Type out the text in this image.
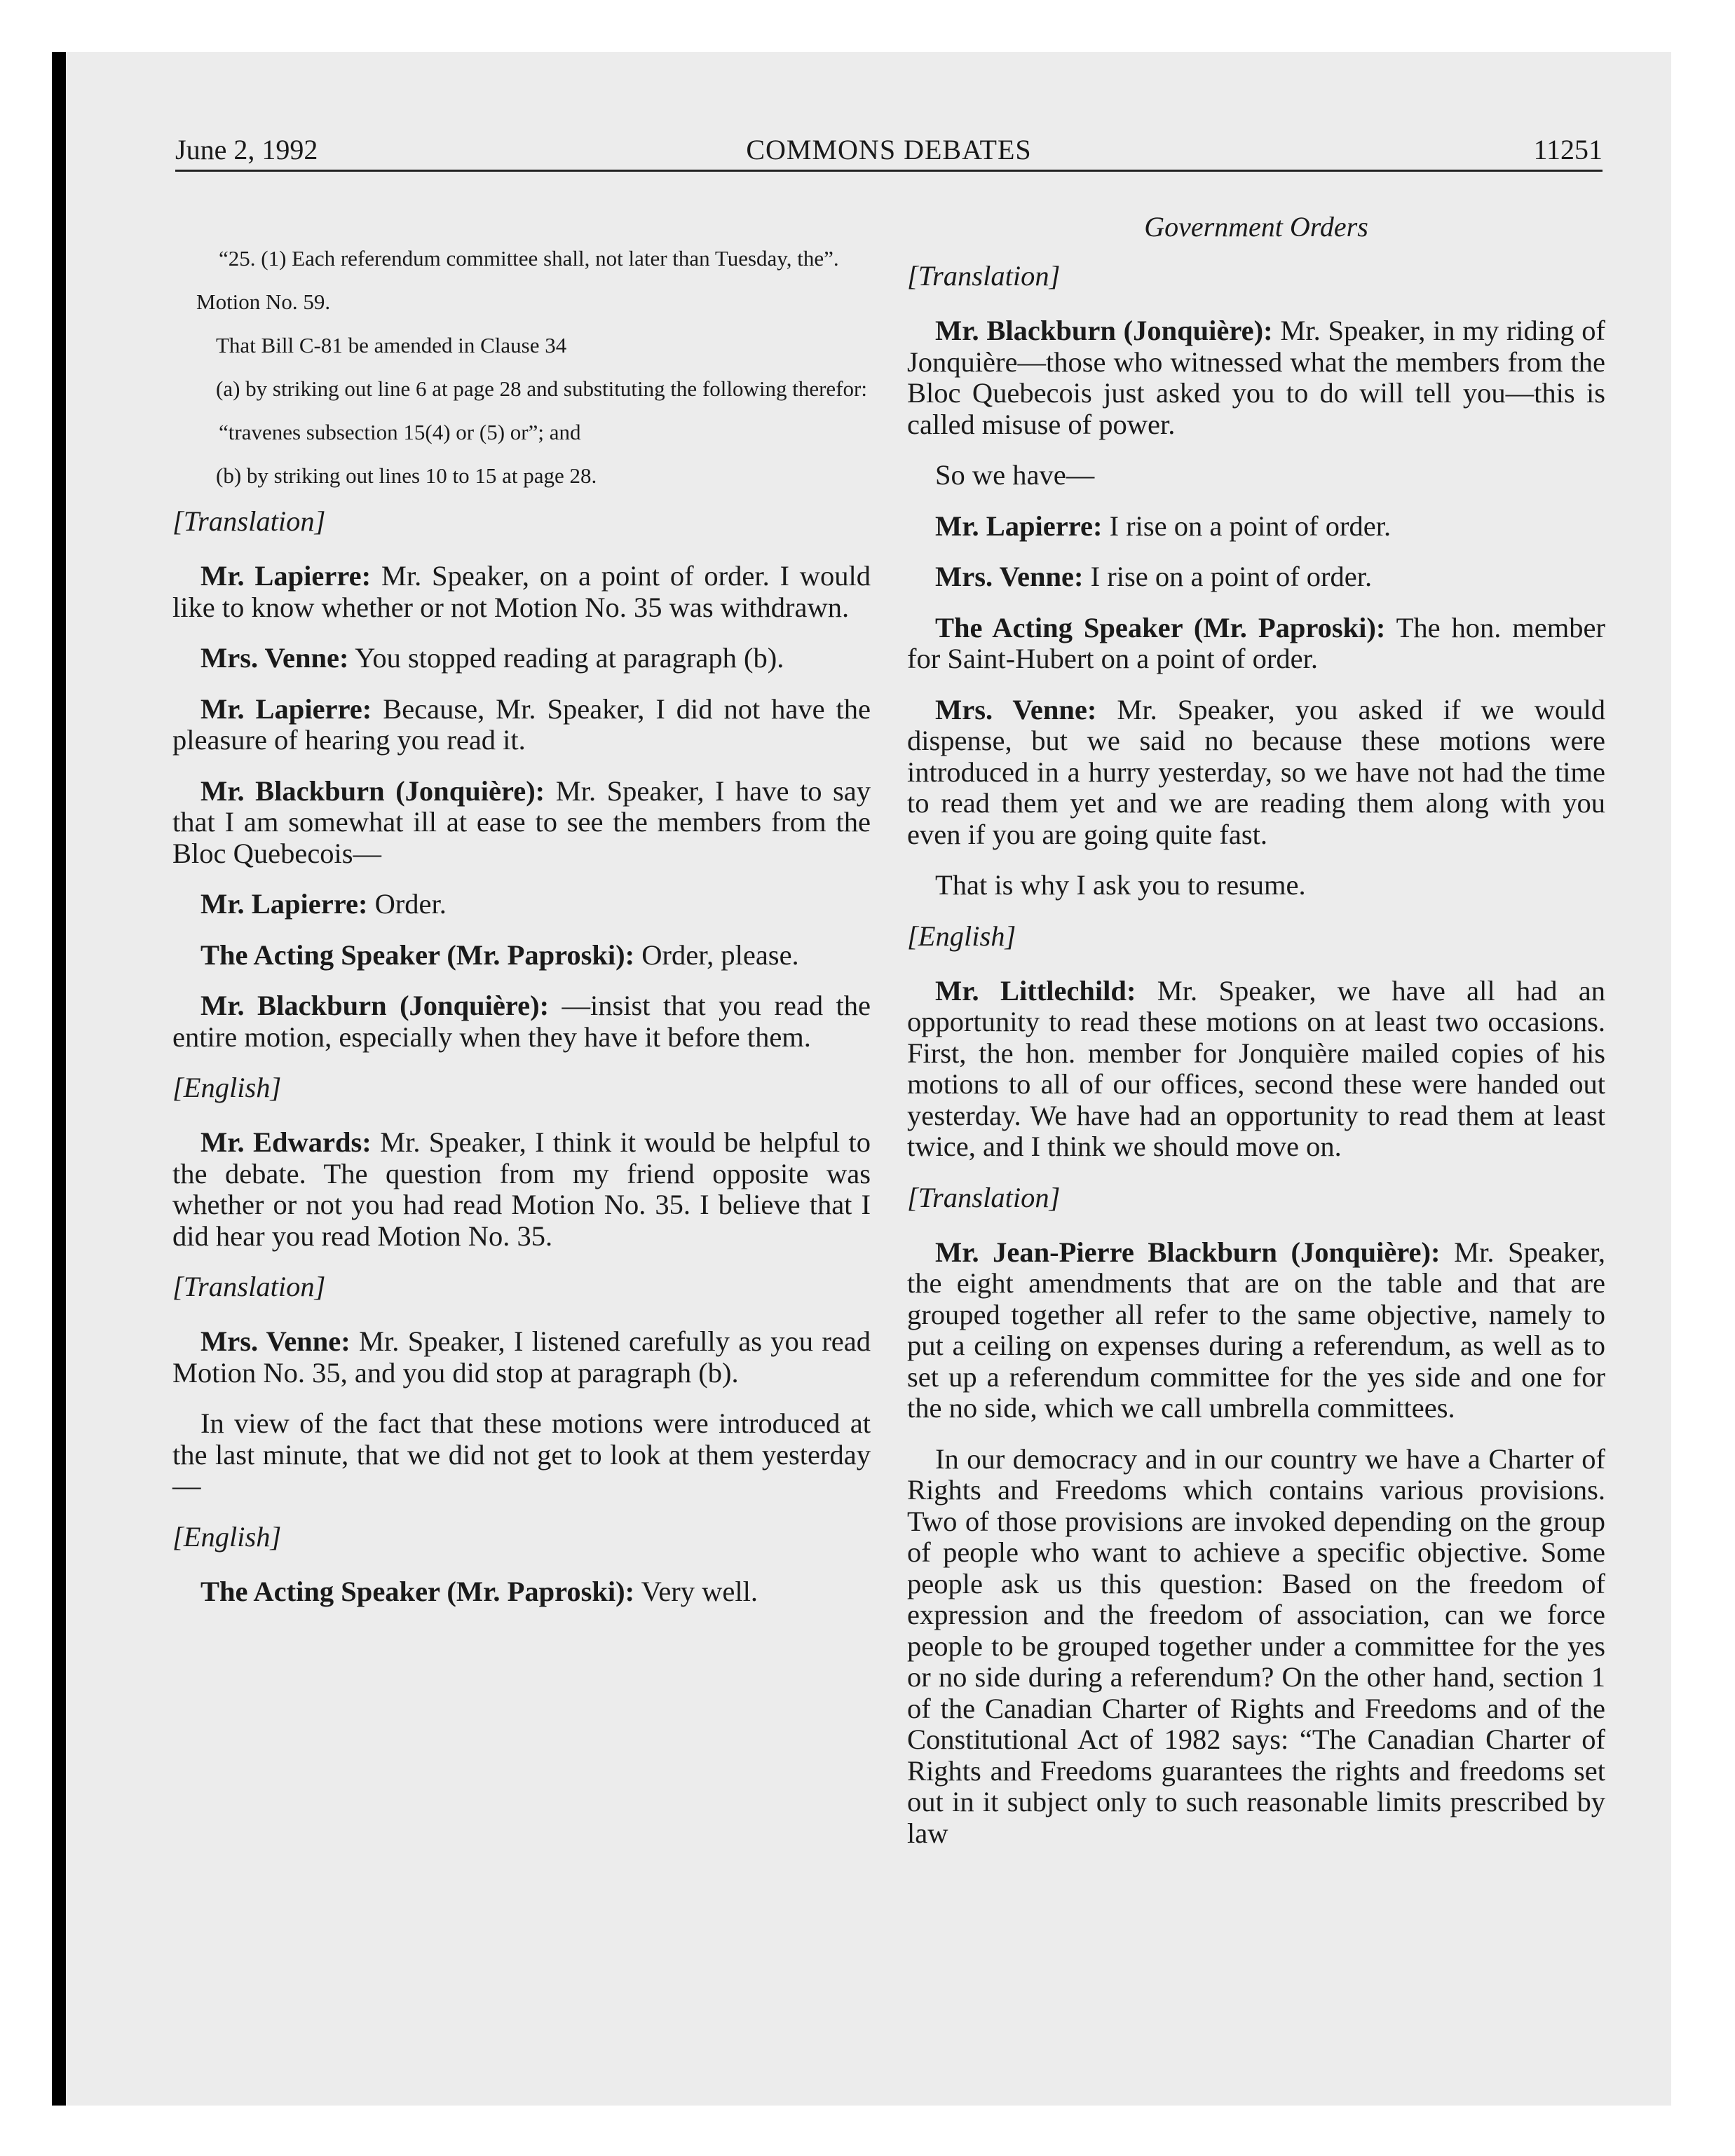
June 2, 1992	COMMONS DEBATES	11251

“25. (1) Each referendum committee shall, not later than Tuesday, the”.

Motion No. 59.

That Bill C-81 be amended in Clause 34

(a) by striking out line 6 at page 28 and substituting the following therefor:

“travenes subsection 15(4) or (5) or”; and

(b) by striking out lines 10 to 15 at page 28.

[Translation]

Mr. Lapierre: Mr. Speaker, on a point of order. I would like to know whether or not Motion No. 35 was withdrawn.

Mrs. Venne: You stopped reading at paragraph (b).

Mr. Lapierre: Because, Mr. Speaker, I did not have the pleasure of hearing you read it.

Mr. Blackburn (Jonquière): Mr. Speaker, I have to say that I am somewhat ill at ease to see the members from the Bloc Quebecois—

Mr. Lapierre: Order.

The Acting Speaker (Mr. Paproski): Order, please.

Mr. Blackburn (Jonquière): —insist that you read the entire motion, especially when they have it before them.

[English]

Mr. Edwards: Mr. Speaker, I think it would be helpful to the debate. The question from my friend opposite was whether or not you had read Motion No. 35. I believe that I did hear you read Motion No. 35.

[Translation]

Mrs. Venne: Mr. Speaker, I listened carefully as you read Motion No. 35, and you did stop at paragraph (b).

In view of the fact that these motions were introduced at the last minute, that we did not get to look at them yesterday—

[English]

The Acting Speaker (Mr. Paproski): Very well.

Government Orders

[Translation]

Mr. Blackburn (Jonquière): Mr. Speaker, in my riding of Jonquière—those who witnessed what the members from the Bloc Quebecois just asked you to do will tell you—this is called misuse of power.

So we have—

Mr. Lapierre: I rise on a point of order.

Mrs. Venne: I rise on a point of order.

The Acting Speaker (Mr. Paproski): The hon. member for Saint-Hubert on a point of order.

Mrs. Venne: Mr. Speaker, you asked if we would dispense, but we said no because these motions were introduced in a hurry yesterday, so we have not had the time to read them yet and we are reading them along with you even if you are going quite fast.

That is why I ask you to resume.

[English]

Mr. Littlechild: Mr. Speaker, we have all had an opportunity to read these motions on at least two occasions. First, the hon. member for Jonquière mailed copies of his motions to all of our offices, second these were handed out yesterday. We have had an opportunity to read them at least twice, and I think we should move on.

[Translation]

Mr. Jean-Pierre Blackburn (Jonquière): Mr. Speaker, the eight amendments that are on the table and that are grouped together all refer to the same objective, namely to put a ceiling on expenses during a referendum, as well as to set up a referendum committee for the yes side and one for the no side, which we call umbrella committees.

In our democracy and in our country we have a Charter of Rights and Freedoms which contains various provisions. Two of those provisions are invoked depending on the group of people who want to achieve a specific objective. Some people ask us this question: Based on the freedom of expression and the freedom of association, can we force people to be grouped together under a committee for the yes or no side during a referendum? On the other hand, section 1 of the Canadian Charter of Rights and Freedoms and of the Constitutional Act of 1982 says: “The Canadian Charter of Rights and Freedoms guarantees the rights and freedoms set out in it subject only to such reasonable limits prescribed by law
